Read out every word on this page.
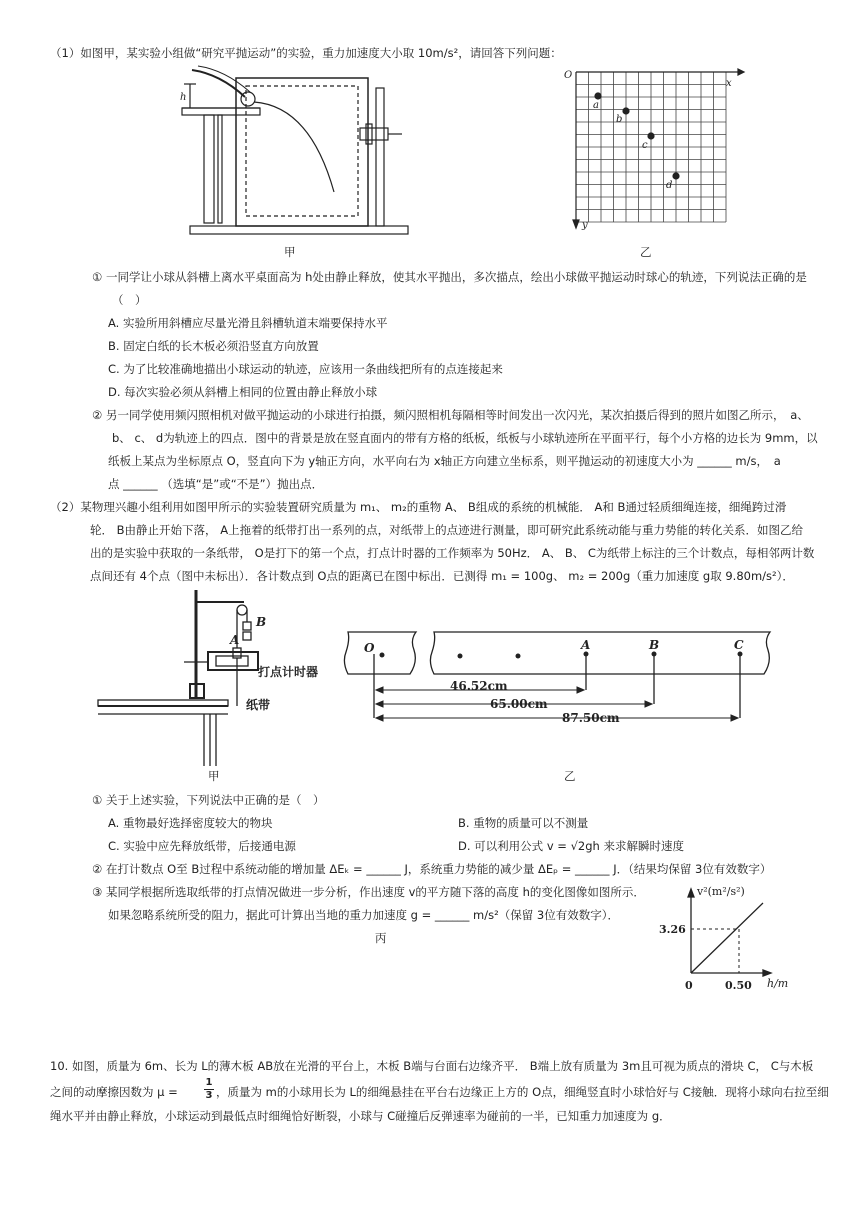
（1）如图甲，某实验小组做“研究平抛运动”的实验，重力加速度大小取 10m/s²，请回答下列问题：
h
甲
O
x
y
a
b
c
d
乙
① 一同学让小球从斜槽上离水平桌面高为 h处由静止释放，使其水平抛出，多次描点，绘出小球做平抛运动时球心的轨迹，下列说法正确的是
（　）
A. 实验所用斜槽应尽量光滑且斜槽轨道末端要保持水平
B. 固定白纸的长木板必须沿竖直方向放置
C. 为了比较准确地描出小球运动的轨迹，应该用一条曲线把所有的点连接起来
D. 每次实验必须从斜槽上相同的位置由静止释放小球
② 另一同学使用频闪照相机对做平抛运动的小球进行拍摄，频闪照相机每隔相等时间发出一次闪光，某次拍摄后得到的照片如图乙所示，　a、
b、 c、 d为轨迹上的四点．图中的背景是放在竖直面内的带有方格的纸板，纸板与小球轨迹所在平面平行，每个小方格的边长为 9mm，以
纸板上某点为坐标原点 O，竖直向下为 y轴正方向，水平向右为 x轴正方向建立坐标系，则平抛运动的初速度大小为 ______ m/s，　a
点 ______ （选填“是”或“不是”）抛出点．
（2）某物理兴趣小组利用如图甲所示的实验装置研究质量为 m₁、 m₂的重物 A、 B组成的系统的机械能． A和 B通过轻质细绳连接，细绳跨过滑
轮． B由静止开始下落， A上拖着的纸带打出一系列的点，对纸带上的点迹进行测量，即可研究此系统动能与重力势能的转化关系．如图乙给
出的是实验中获取的一条纸带， O是打下的第一个点，打点计时器的工作频率为 50Hz． A、 B、 C为纸带上标注的三个计数点，每相邻两计数
点间还有 4个点（图中未标出）．各计数点到 O点的距离已在图中标出．已测得 m₁ = 100g、 m₂ = 200g（重力加速度 g取 9.80m/s²）．
B
A
打点计时器
纸带
甲
O	A	B	C
46.52cm
65.00cm
87.50cm
乙
① 关于上述实验，下列说法中正确的是（　）
A. 重物最好选择密度较大的物块	B. 重物的质量可以不测量
C. 实验中应先释放纸带，后接通电源	D. 可以利用公式 v = √2gh 来求解瞬时速度
② 在打计数点 O至 B过程中系统动能的增加量 ΔEₖ = ______ J，系统重力势能的减少量 ΔEₚ = ______ J．（结果均保留 3位有效数字）
③ 某同学根据所选取纸带的打点情况做进一步分析，作出速度 v的平方随下落的高度 h的变化图像如图所示．
如果忽略系统所受的阻力，据此可计算出当地的重力加速度 g = ______ m/s²（保留 3位有效数字）．
丙
v²(m²/s²)
3.26
0	0.50 h/m
10. 如图，质量为 6m、长为 L的薄木板 AB放在光滑的平台上，木板 B端与台面右边缘齐平． B端上放有质量为 3m且可视为质点的滑块 C， C与木板
之间的动摩擦因数为 μ =	$\frac{1}{3}$ ，质量为 m的小球用长为 L的细绳悬挂在平台右边缘正上方的 O点，细绳竖直时小球恰好与 C接触．现将小球向右拉至细
绳水平并由静止释放，小球运动到最低点时细绳恰好断裂，小球与 C碰撞后反弹速率为碰前的一半，已知重力加速度为 g．
